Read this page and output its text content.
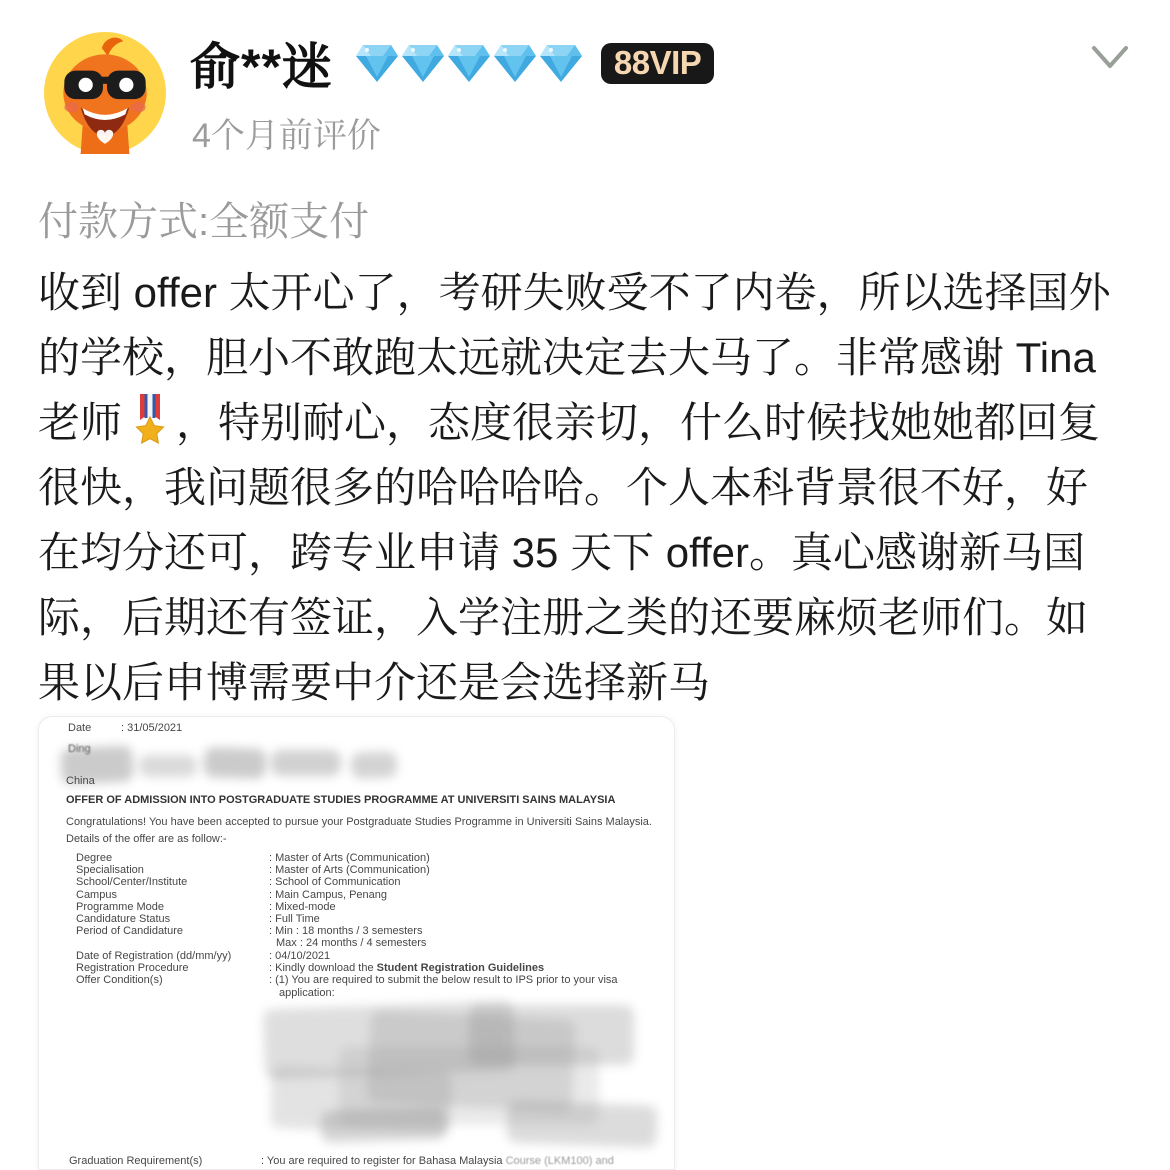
俞**迷	88VIP
4个月前评价
付款方式:全额支付
收到 offer 太开心了，考研失败受不了内卷，所以选择国外
的学校，胆小不敢跑太远就决定去大马了。非常感谢 Tina
老师 ，特别耐心，态度很亲切，什么时候找她她都回复
很快，我问题很多的哈哈哈哈。个人本科背景很不好，好
在均分还可，跨专业申请 35 天下 offer。真心感谢新马国
际，后期还有签证，入学注册之类的还要麻烦老师们。如
果以后申博需要中介还是会选择新马
Date	: 31/05/2021
Ding
China
OFFER OF ADMISSION INTO POSTGRADUATE STUDIES PROGRAMME AT UNIVERSITI SAINS MALAYSIA
Congratulations! You have been accepted to pursue your Postgraduate Studies Programme in Universiti Sains Malaysia.
Details of the offer are as follow:-
Degree	: Master of Arts (Communication)
Specialisation	: Master of Arts (Communication)
School/Center/Institute	: School of Communication
Campus	: Main Campus, Penang
Programme Mode	: Mixed-mode
Candidature Status	: Full Time
Period of Candidature	: Min : 18 months / 3 semesters
Max : 24 months / 4 semesters
Date of Registration (dd/mm/yy)	: 04/10/2021
Registration Procedure	: Kindly download the Student Registration Guidelines
Offer Condition(s)	: (1) You are required to submit the below result to IPS prior to your visa
application:
Graduation Requirement(s)	: You are required to register for Bahasa Malaysia Course (LKM100) and
